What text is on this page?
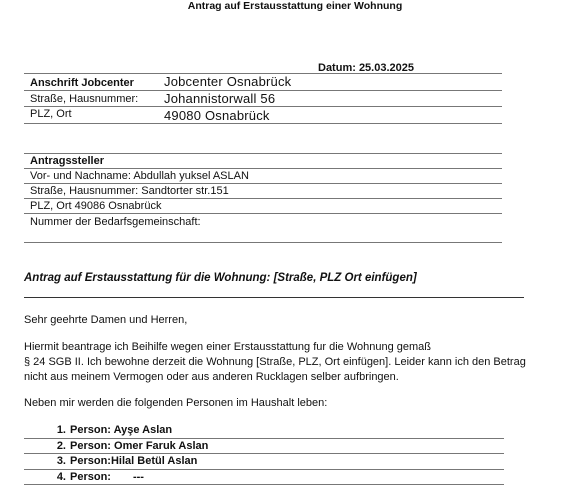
Antrag auf Erstausstattung einer Wohnung
Datum: 25.03.2025
Anschrift Jobcenter Jobcenter Osnabrück
Straße, Hausnummer: Johannistorwall 56
PLZ, Ort	49080 Osnabrück
Antragssteller
Vor- und Nachname: Abdullah yuksel ASLAN
Straße, Hausnummer: Sandtorter str.151
PLZ, Ort 49086 Osnabrück
Nummer der Bedarfsgemeinschaft:
Antrag auf Erstausstattung für die Wohnung: [Straße, PLZ Ort einfügen]
Sehr geehrte Damen und Herren,
Hiermit beantrage ich Beihilfe wegen einer Erstausstattung fur die Wohnung gemaß
§ 24 SGB II. Ich bewohne derzeit die Wohnung [Straße, PLZ, Ort einfügen]. Leider kann ich den Betrag
nicht aus meinem Vermogen oder aus anderen Rucklagen selber aufbringen.
Neben mir werden die folgenden Personen im Haushalt leben:
1. Person: Ayşe Aslan
2. Person: Omer Faruk Aslan
3. Person:Hilal Betül Aslan
4. Person: ---
